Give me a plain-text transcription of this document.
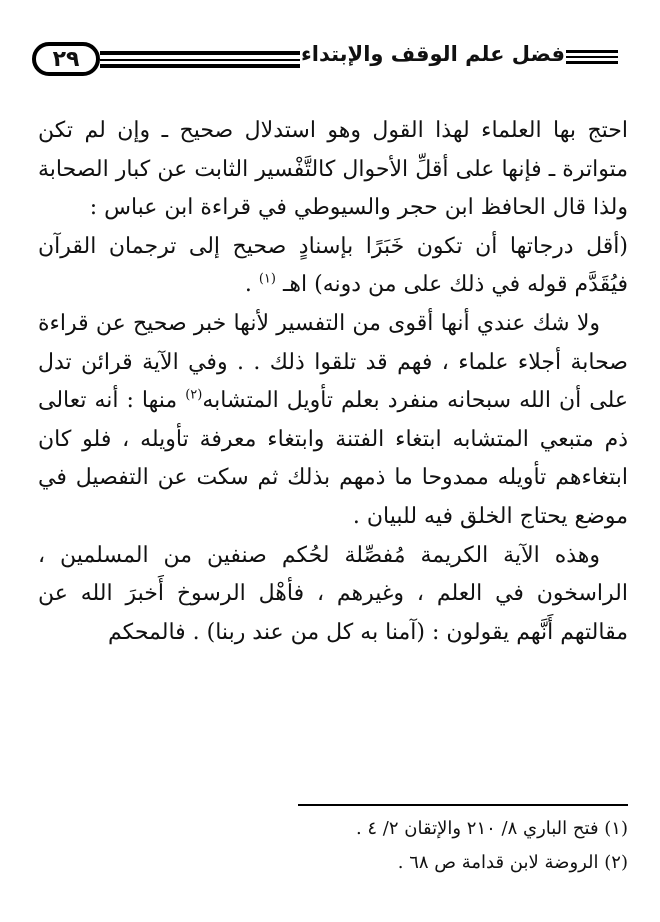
٢٩	فضل علم الوقف والإبتداء

احتج بها العلماء لهذا القول وهو استدلال صحيح ـ وإن لم تكن متواترة ـ فإنها على أقلِّ الأحوال كالتَّفْسير الثابت عن كبار الصحابة ولذا قال الحافظ ابن حجر والسيوطي في قراءة ابن عباس :

(أقل درجاتها أن تكون خَبَرًا بإسنادٍ صحيح إلى ترجمان القرآن فيُقَدَّم قوله في ذلك على من دونه) اهـ $^{(١)}$ .

ولا شك عندي أنها أقوى من التفسير لأنها خبر صحيح عن قراءة صحابة أجلاء علماء ، فهم قد تلقوا ذلك . . وفي الآية قرائن تدل على أن الله سبحانه منفرد بعلم تأويل المتشابه$^{(٢)}$ منها : أنه تعالى ذم متبعي المتشابه ابتغاء الفتنة وابتغاء معرفة تأويله ، فلو كان ابتغاءهم تأويله ممدوحا ما ذمهم بذلك ثم سكت عن التفصيل في موضع يحتاج الخلق فيه للبيان .

وهذه الآية الكريمة مُفصِّلة لحُكم صنفين من المسلمين ، الراسخون في العلم ، وغيرهم ، فأهْل الرسوخ أَخبرَ الله عن مقالتهم أَنَّهم يقولون : (آمنا به كل من عند ربنا) . فالمحكم

(١) فتح الباري ٨/ ٢١٠ والإتقان ٢/ ٤ .

(٢) الروضة لابن قدامة ص ٦٨ .
